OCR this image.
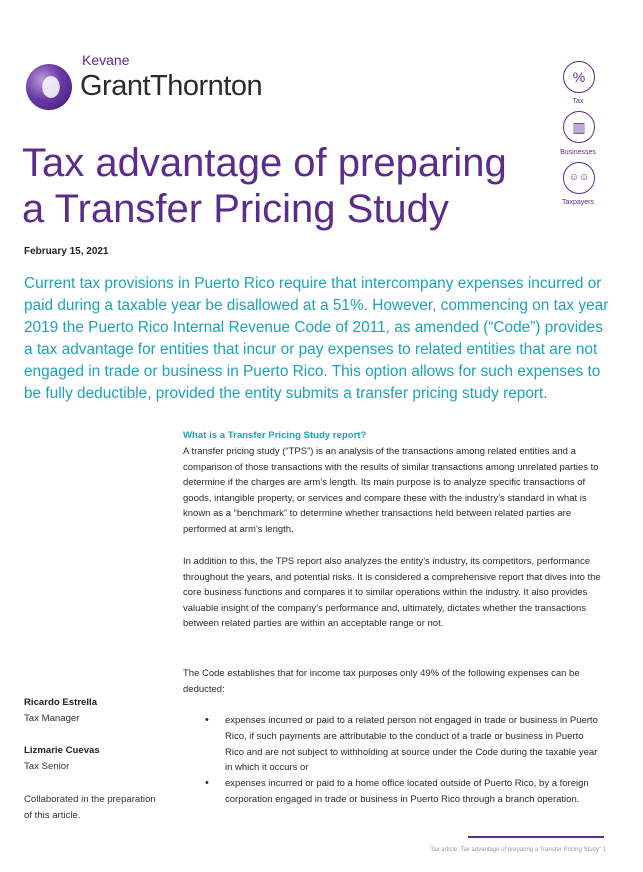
Kevane
GrantThornton	%
Tax
▥
Businesses
☺☺
Taxpayers
Tax advantage of preparing
a Transfer Pricing Study
February 15, 2021
Current tax provisions in Puerto Rico require that intercompany expenses incurred or paid during a taxable year be disallowed at a 51%. However, commencing on tax year 2019 the Puerto Rico Internal Revenue Code of 2011, as amended (“Code”) provides a tax advantage for entities that incur or pay expenses to related entities that are not engaged in trade or business in Puerto Rico. This option allows for such expenses to be fully deductible, provided the entity submits a transfer pricing study report.
What is a Transfer Pricing Study report?
A transfer pricing study (“TPS”) is an analysis of the transactions among related entities and a comparison of those transactions with the results of similar transactions among unrelated parties to determine if the charges are arm’s length. Its main purpose is to analyze specific transactions of goods, intangible property, or services and compare these with the industry’s standard in what is known as a “benchmark” to determine whether transactions held between related parties are performed at arm’s length.
In addition to this, the TPS report also analyzes the entity’s industry, its competitors, performance throughout the years, and potential risks. It is considered a comprehensive report that dives into the core business functions and compares it to similar operations within the industry. It also provides valuable insight of the company’s performance and, ultimately, dictates whether the transactions between related parties are within an acceptable range or not.
The Code establishes that for income tax purposes only 49% of the following expenses can be deducted:
• expenses incurred or paid to a related person not engaged in trade or business in Puerto Rico, if such payments are attributable to the conduct of a trade or business in Puerto Rico and are not subject to withholding at source under the Code during the taxable year in which it occurs or
• expenses incurred or paid to a home office located outside of Puerto Rico, by a foreign corporation engaged in trade or business in Puerto Rico through a branch operation.
Ricardo Estrella
Tax Manager
Lizmarie Cuevas
Tax Senior
Collaborated in the preparation of this article.
Tax article: Tax advantage of preparing a Transfer Pricing Study" 1
